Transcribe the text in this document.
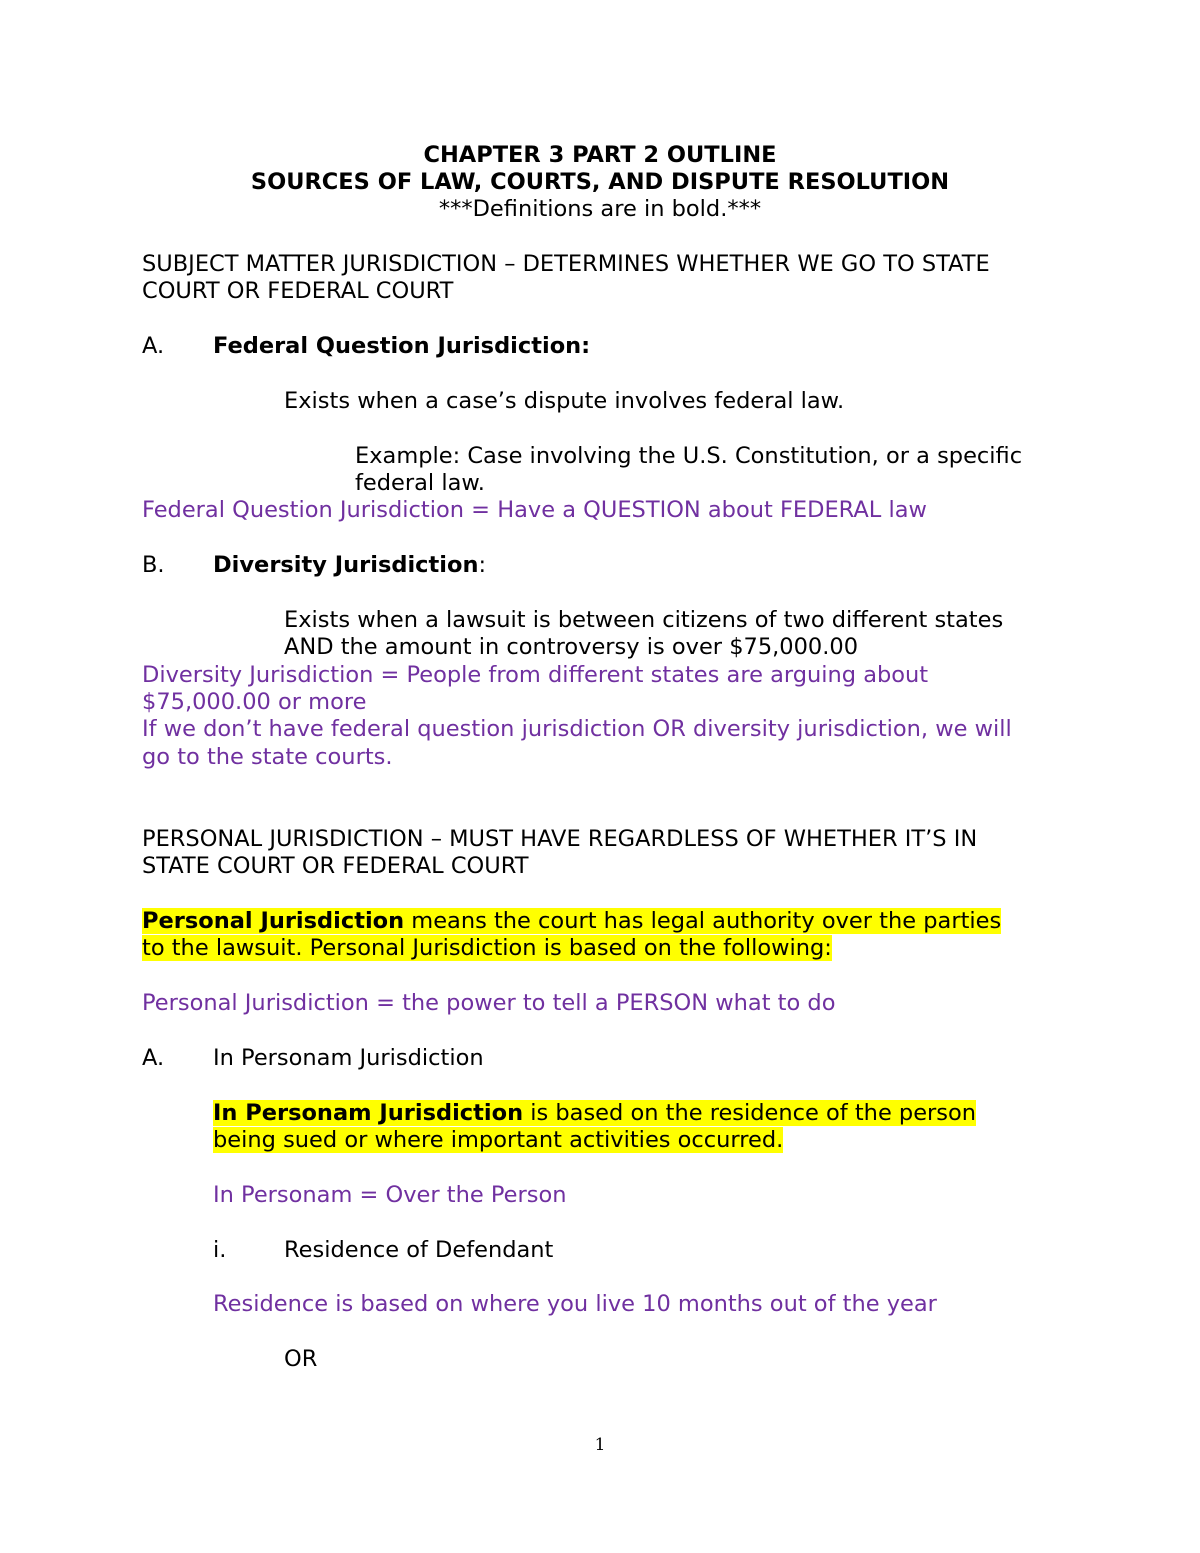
CHAPTER 3 PART 2 OUTLINE
SOURCES OF LAW, COURTS, AND DISPUTE RESOLUTION
***Definitions are in bold.***
SUBJECT MATTER JURISDICTION – DETERMINES WHETHER WE GO TO STATE
COURT OR FEDERAL COURT
A. Federal Question Jurisdiction:
Exists when a case’s dispute involves federal law.
Example: Case involving the U.S. Constitution, or a specific
federal law.
Federal Question Jurisdiction = Have a QUESTION about FEDERAL law
B. Diversity Jurisdiction:
Exists when a lawsuit is between citizens of two different states
AND the amount in controversy is over $75,000.00
Diversity Jurisdiction = People from different states are arguing about
$75,000.00 or more
If we don’t have federal question jurisdiction OR diversity jurisdiction, we will
go to the state courts.
PERSONAL JURISDICTION – MUST HAVE REGARDLESS OF WHETHER IT’S IN
STATE COURT OR FEDERAL COURT
Personal Jurisdiction means the court has legal authority over the parties
to the lawsuit. Personal Jurisdiction is based on the following:
Personal Jurisdiction = the power to tell a PERSON what to do
A. In Personam Jurisdiction
In Personam Jurisdiction is based on the residence of the person
being sued or where important activities occurred.
In Personam = Over the Person
i.	Residence of Defendant
Residence is based on where you live 10 months out of the year
OR
1
